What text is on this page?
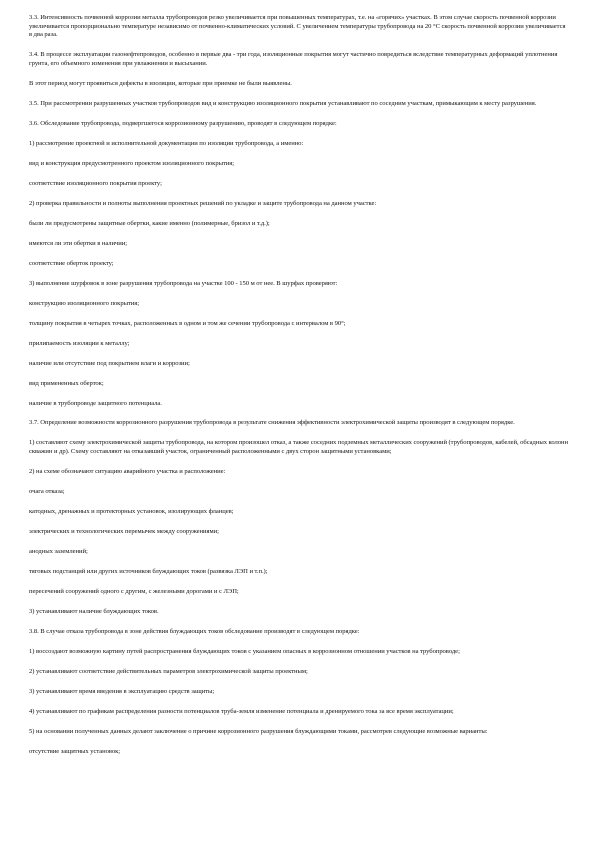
3.3. Интенсивность почвенной коррозии металла трубопроводов резко увеличивается при повышенных температурах, т.е. на «горячих» участках. В этом случае скорость почвенной коррозии увеличивается пропорционально температуре независимо от почвенно-климатических условий. С увеличением температуры трубопровода на 20 °С скорость почвенной коррозии увеличивается в два раза.

3.4. В процессе эксплуатации газонефтепроводов, особенно в первые два - три года, изоляционные покрытия могут частично повредиться вследствие температурных деформаций уплотнения грунта, его объемного изменения при увлажнении и высыхании.

В этот период могут проявиться дефекты в изоляции, которые при приемке не были выявлены.

3.5. При рассмотрении разрушенных участков трубопроводов вид и конструкцию изоляционного покрытия устанавливают по соседним участкам, примыкающим к месту разрушения.

3.6. Обследование трубопровода, подвергшегося коррозионному разрушению, проводят в следующем порядке:

1) рассмотрение проектной и исполнительной документации по изоляции трубопровода, а именно:

вид и конструкция предусмотренного проектом изоляционного покрытия;

соответствие изоляционного покрытия проекту;

2) проверка правильности и полноты выполнения проектных решений по укладке и защите трубопровода на данном участке:

были ли предусмотрены защитные обертки, какие именно (полимерные, бризол и т.д.);

имеются ли эти обертки в наличии;

соответствие оберток проекту;

3) выполнение шурфовок в зоне разрушения трубопровода на участке 100 - 150 м от нее. В шурфах проверяют:

конструкцию изоляционного покрытия;

толщину покрытия в четырех точках, расположенных в одном и том же сечении трубопровода с интервалом в 90°;

прилипаемость изоляции к металлу;

наличие или отсутствие под покрытием влаги и коррозии;

вид примененных оберток;

наличие в трубопроводе защитного потенциала.

3.7. Определение возможности коррозионного разрушения трубопровода в результате снижения эффективности электрохимической защиты производят в следующем порядке.

1) составляют схему электрохимической защиты трубопровода, на котором произошел отказ, а также соседних подземных металлических сооружений (трубопроводов, кабелей, обсадных колонн скважин и др). Схему составляют на отказавший участок, ограниченный расположенными с двух сторон защитными установками;

2) на схеме обозначают ситуацию аварийного участка и расположение:

очага отказа;

катодных, дренажных и протекторных установок, изолирующих фланцев;

электрических и технологических перемычек между сооружениями;

анодных заземлений;

тяговых подстанций или других источников блуждающих токов (развязка ЛЭП и т.п.);

пересечений сооружений одного с другим, с железными дорогами и с ЛЭП;

3) устанавливают наличие блуждающих токов.

3.8. В случае отказа трубопровода в зоне действия блуждающих токов обследование производят в следующем порядке:

1) воссоздают возможную картину путей распространения блуждающих токов с указанием опасных в коррозионном отношении участков на трубопроводе;

2) устанавливают соответствие действительных параметров электрохимической защиты проектным;

3) устанавливают время введения в эксплуатацию средств защиты;

4) устанавливают по графикам распределения разности потенциалов труба-земля изменение потенциала и дренируемого тока за все время эксплуатации;

5) на основании полученных данных делают заключение о причине коррозионного разрушения блуждающими токами, рассмотрев следующие возможные варианты:

отсутствие защитных установок;
